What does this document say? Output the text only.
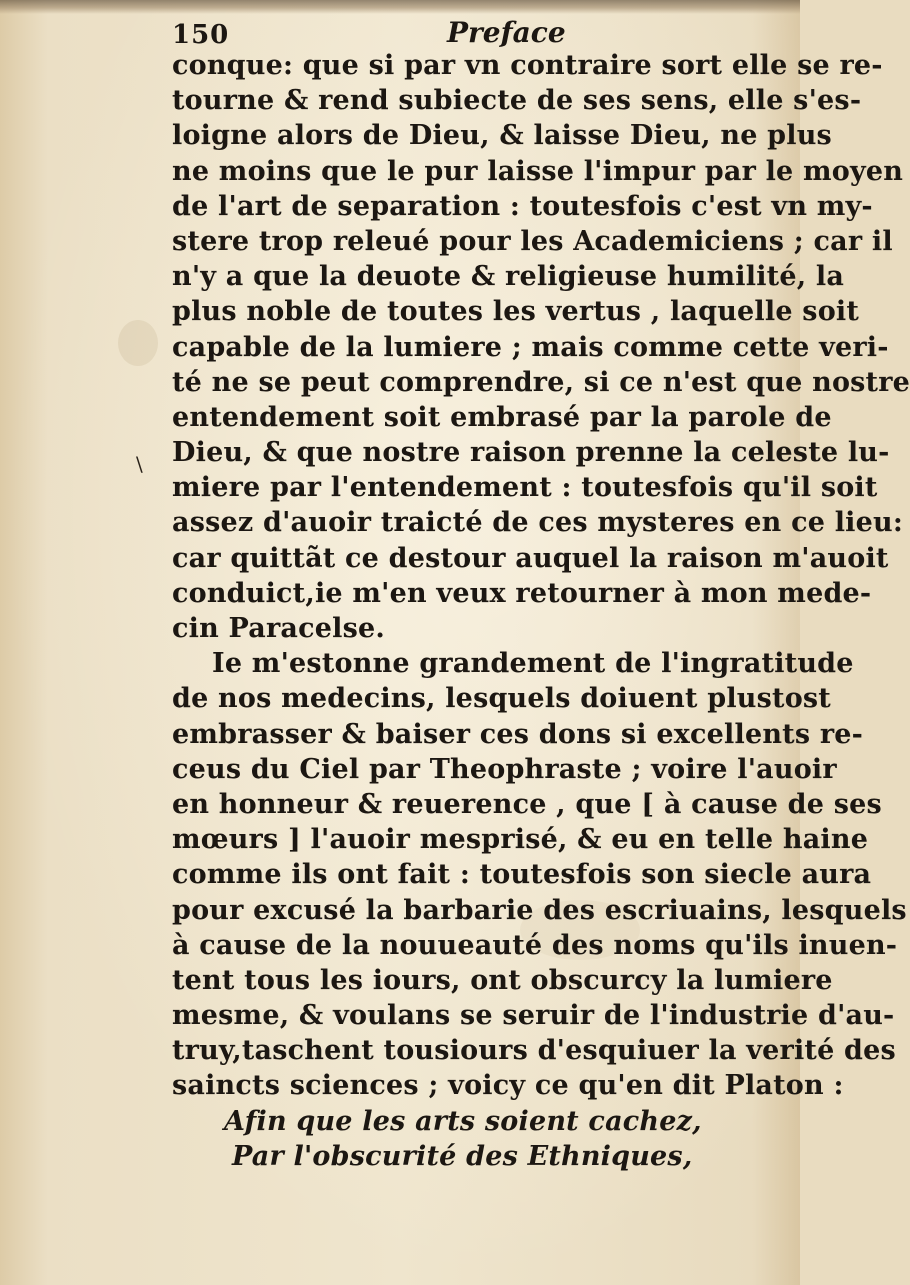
150	Preface
\
conque: que si par vn contraire sort elle se re-
tourne & rend subiecte de ses sens, elle s'es-
loigne alors de Dieu, & laisse Dieu, ne plus
ne moins que le pur laisse l'impur par le moyen
de l'art de separation : toutesfois c'est vn my-
stere trop releué pour les Academiciens ; car il
n'y a que la deuote & religieuse humilité, la
plus noble de toutes les vertus , laquelle soit
capable de la lumiere ; mais comme cette veri-
té ne se peut comprendre, si ce n'est que nostre
entendement soit embrasé par la parole de
Dieu, & que nostre raison prenne la celeste lu-
miere par l'entendement : toutesfois qu'il soit
assez d'auoir traicté de ces mysteres en ce lieu:
car quittãt ce destour auquel la raison m'auoit
conduict,ie m'en veux retourner à mon mede-
cin Paracelse.
Ie m'estonne grandement de l'ingratitude
de nos medecins, lesquels doiuent plustost
embrasser & baiser ces dons si excellents re-
ceus du Ciel par Theophraste ; voire l'auoir
en honneur & reuerence , que [ à cause de ses
mœurs ] l'auoir mesprisé, & eu en telle haine
comme ils ont fait : toutesfois son siecle aura
pour excusé la barbarie des escriuains, lesquels
à cause de la nouueauté des noms qu'ils inuen-
tent tous les iours, ont obscurcy la lumiere
mesme, & voulans se seruir de l'industrie d'au-
truy,taschent tousiours d'esquiuer la verité des
saincts sciences ; voicy ce qu'en dit Platon :
Afin que les arts soient cachez,
Par l'obscurité des Ethniques,
